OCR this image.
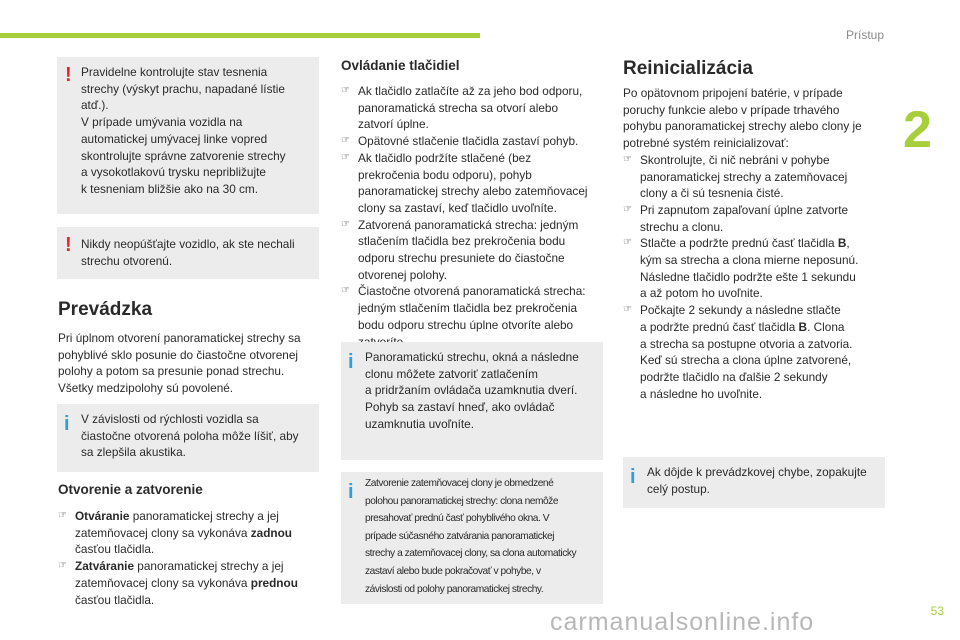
Prístup
2
53
carmanualsonline.info
! Pravidelne kontrolujte stav tesnenia
strechy (výskyt prachu, napadané lístie
atď.).
V prípade umývania vozidla na
automatickej umývacej linke vopred
skontrolujte správne zatvorenie strechy
a vysokotlakovú trysku nepribližujte
k tesneniam bližšie ako na 30 cm.
! Nikdy neopúšťajte vozidlo, ak ste nechali
strechu otvorenú.
Prevádzka
Pri úplnom otvorení panoramatickej strechy sa
pohyblivé sklo posunie do čiastočne otvorenej
polohy a potom sa presunie ponad strechu.
Všetky medzipolohy sú povolené.
i V závislosti od rýchlosti vozidla sa
čiastočne otvorená poloha môže líšiť, aby
sa zlepšila akustika.
Otvorenie a zatvorenie
☞ Otváranie panoramatickej strechy a jej
zatemňovacej clony sa vykonáva zadnou
časťou tlačidla.
☞ Zatváranie panoramatickej strechy a jej
zatemňovacej clony sa vykonáva prednou
časťou tlačidla.
Ovládanie tlačidiel
☞ Ak tlačidlo zatlačíte až za jeho bod odporu,
panoramatická strecha sa otvorí alebo
zatvorí úplne.
☞ Opätovné stlačenie tlačidla zastaví pohyb.
☞ Ak tlačidlo podržíte stlačené (bez
prekročenia bodu odporu), pohyb
panoramatickej strechy alebo zatemňovacej
clony sa zastaví, keď tlačidlo uvoľníte.
☞ Zatvorená panoramatická strecha: jedným
stlačením tlačidla bez prekročenia bodu
odporu strechu presuniete do čiastočne
otvorenej polohy.
☞ Čiastočne otvorená panoramatická strecha:
jedným stlačením tlačidla bez prekročenia
bodu odporu strechu úplne otvoríte alebo
i Panoramatickú strechu, okná a následne
clonu môžete zatvoriť zatlačením
a pridržaním ovládača uzamknutia dverí.
Pohyb sa zastaví hneď, ako ovládač
uzamknutia uvoľníte.
i Zatvorenie zatemňovacej clony je obmedzené
polohou panoramatickej strechy: clona nemôže
presahovať prednú časť pohyblivého okna. V
prípade súčasného zatvárania panoramatickej
strechy a zatemňovacej clony, sa clona automaticky
zastaví alebo bude pokračovať v pohybe, v
závislosti od polohy panoramatickej strechy.
Reinicializácia
Po opätovnom pripojení batérie, v prípade
poruchy funkcie alebo v prípade trhavého
pohybu panoramatickej strechy alebo clony je
potrebné systém reinicializovať:
☞ Skontrolujte, či nič nebráni v pohybe
panoramatickej strechy a zatemňovacej
clony a či sú tesnenia čisté.
☞ Pri zapnutom zapaľovaní úplne zatvorte
strechu a clonu.
☞ Stlačte a podržte prednú časť tlačidla B,
kým sa strecha a clona mierne neposunú.
Následne tlačidlo podržte ešte 1 sekundu
a až potom ho uvoľnite.
☞ Počkajte 2 sekundy a následne stlačte
a podržte prednú časť tlačidla B. Clona
a strecha sa postupne otvoria a zatvoria.
Keď sú strecha a clona úplne zatvorené,
podržte tlačidlo na ďalšie 2 sekundy
a následne ho uvoľnite.
i Ak dôjde k prevádzkovej chybe, zopakujte
celý postup.
